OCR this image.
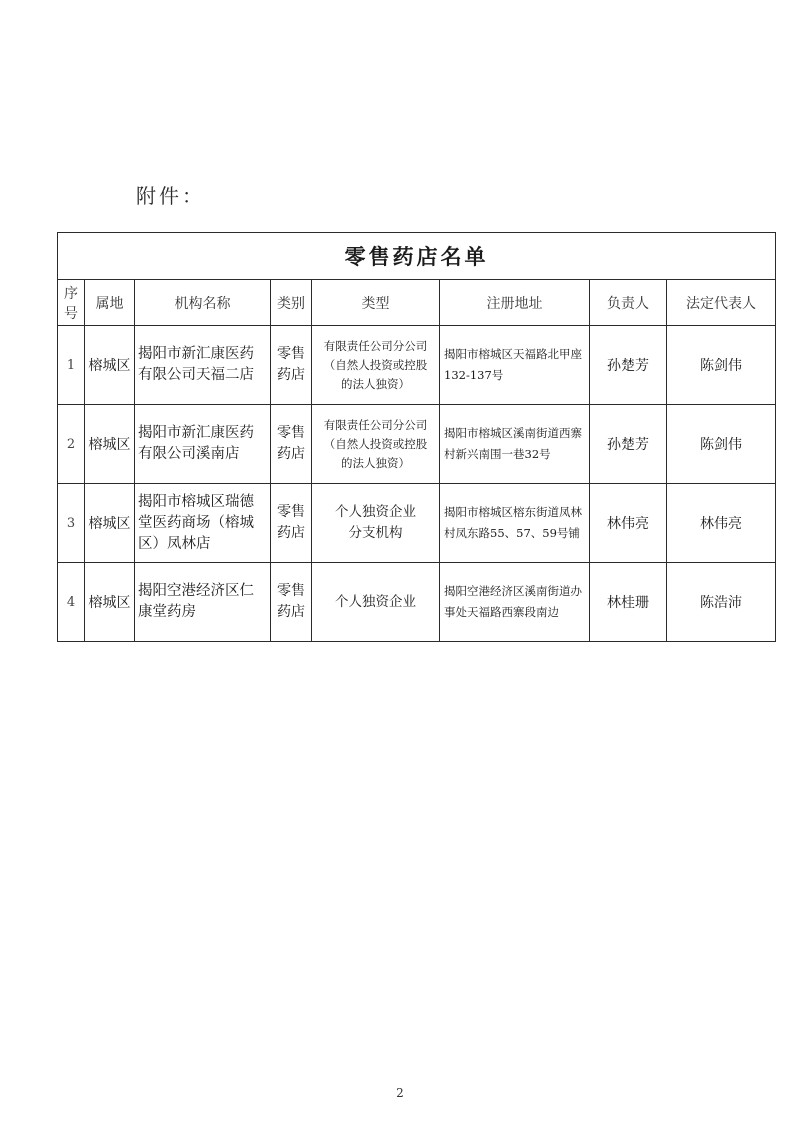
附件：
零售药店名单							
序号	属地	机构名称	类别	类型	注册地址	负责人	法定代表人
1	榕城区	揭阳市新汇康医药有限公司天福二店	零售药店	有限责任公司分公司
（自然人投资或控股
的法人独资）	揭阳市榕城区天福路北甲座132-137号	孙楚芳	陈剑伟
2	榕城区	揭阳市新汇康医药有限公司溪南店	零售药店	有限责任公司分公司
（自然人投资或控股
的法人独资）	揭阳市榕城区溪南街道西寨村新兴南围一巷32号	孙楚芳	陈剑伟
3	榕城区	揭阳市榕城区瑞德堂医药商场（榕城区）凤林店	零售药店	个人独资企业
分支机构	揭阳市榕城区榕东街道凤林村凤东路55、57、59号铺	林伟亮	林伟亮
4	榕城区	揭阳空港经济区仁康堂药房	零售药店	个人独资企业	揭阳空港经济区溪南街道办事处天福路西寨段南边	林桂珊	陈浩沛
2
